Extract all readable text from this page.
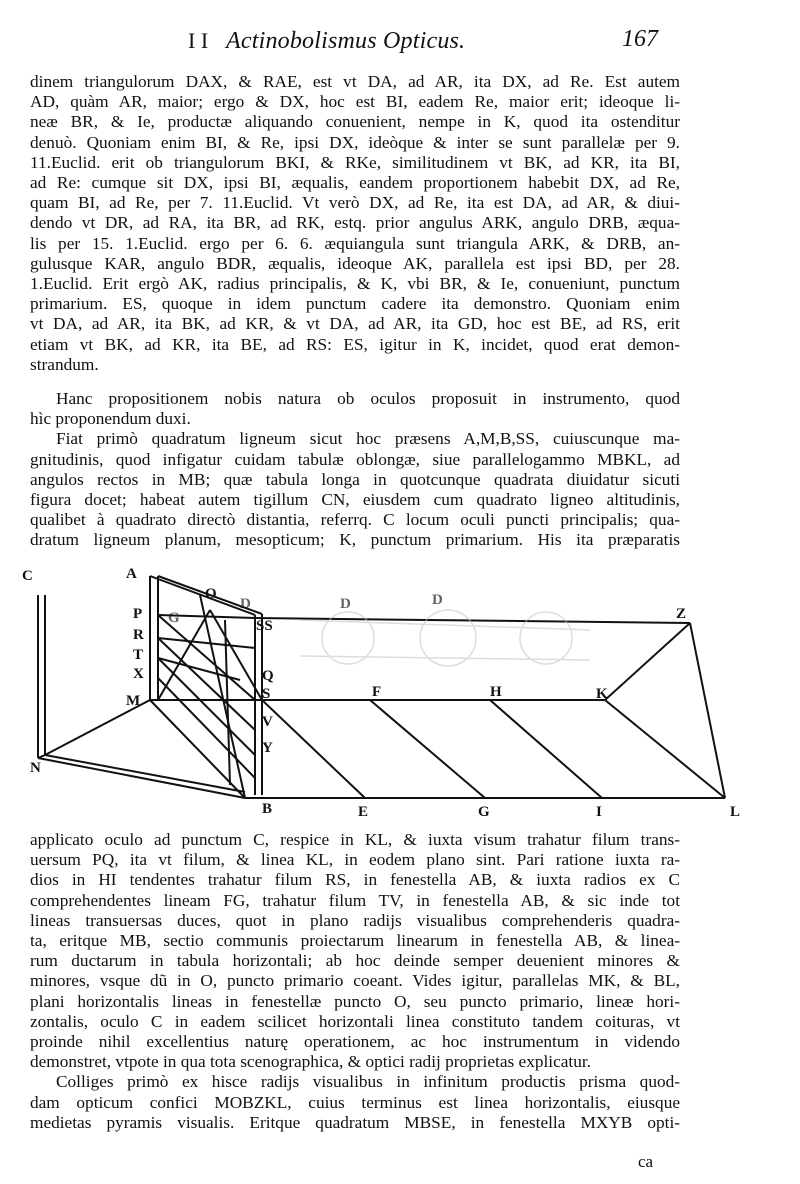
I I Actinobolismus Opticus.	167

dinem triangulorum DAX, & RAE, est vt DA, ad AR, ita DX, ad Re. Est autem

AD, quàm AR, maior; ergo & DX, hoc est BI, eadem Re, maior erit; ideoque li-

neæ BR, & Ie, productæ aliquando conuenient, nempe in K, quod ita ostenditur

denuò. Quoniam enim BI, & Re, ipsi DX, ideòque & inter se sunt parallelæ per 9.

11.Euclid. erit ob triangulorum BKI, & RKe, similitudinem vt BK, ad KR, ita BI,

ad Re: cumque sit DX, ipsi BI, æqualis, eandem proportionem habebit DX, ad Re,

quam BI, ad Re, per 7. 11.Euclid. Vt verò DX, ad Re, ita est DA, ad AR, & diui-

dendo vt DR, ad RA, ita BR, ad RK, estq. prior angulus ARK, angulo DRB, æqua-

lis per 15. 1.Euclid. ergo per 6. 6. æquiangula sunt triangula ARK, & DRB, an-

gulusque KAR, angulo BDR, æqualis, ideoque AK, parallela est ipsi BD, per 28.

1.Euclid. Erit ergò AK, radius principalis, & K, vbi BR, & Ie, conueniunt, punctum

primarium. ES, quoque in idem punctum cadere ita demonstro. Quoniam enim

vt DA, ad AR, ita BK, ad KR, & vt DA, ad AR, ita GD, hoc est BE, ad RS, erit

etiam vt BK, ad KR, ita BE, ad RS: ES, igitur in K, incidet, quod erat demon-

strandum.

Hanc propositionem nobis natura ob oculos proposuit in instrumento, quod

hìc proponendum duxi.

Fiat primò quadratum ligneum sicut hoc præsens A,M,B,SS, cuiuscunque ma-

gnitudinis, quod infigatur cuidam tabulæ oblongæ, siue parallelogammo MBKL, ad

angulos rectos in MB; quæ tabula longa in quotcunque quadrata diuidatur sicuti

figura docet; habeat autem tigillum CN, eiusdem cum quadrato ligneo altitudinis,

qualibet à quadrato directò distantia, referrq. C locum oculi puncti principalis; qua-

dratum ligneum planum, mesopticum; K, punctum primarium. His ita præparatis

C
N
A
O
SS
Z
P
R
T
X
M
Q
S
V
Y
F	H	K
B	E	G	I	L
D	D	D
G

applicato oculo ad punctum C, respice in KL, & iuxta visum trahatur filum trans-

uersum PQ, ita vt filum, & linea KL, in eodem plano sint. Pari ratione iuxta ra-

dios in HI tendentes trahatur filum RS, in fenestella AB, & iuxta radios ex C

comprehendentes lineam FG, trahatur filum TV, in fenestella AB, & sic inde tot

lineas transuersas duces, quot in plano radijs visualibus comprehenderis quadra-

ta, eritque MB, sectio communis proiectarum linearum in fenestella AB, & linea-

rum ductarum in tabula horizontali; ab hoc deinde semper deuenient minores &

minores, vsque dũ in O, puncto primario coeant. Vides igitur, parallelas MK, & BL,

plani horizontalis lineas in fenestellæ puncto O, seu puncto primario, lineæ hori-

zontalis, oculo C in eadem scilicet horizontali linea constituto tandem coituras, vt

proinde nihil excellentius naturę operationem, ac hoc instrumentum in videndo

demonstret, vtpote in qua tota scenographica, & optici radij proprietas explicatur.

Colliges primò ex hisce radijs visualibus in infinitum productis prisma quod-

dam opticum confici MOBZKL, cuius terminus est linea horizontalis, eiusque

medietas pyramis visualis. Eritque quadratum MBSE, in fenestella MXYB opti-

ca
